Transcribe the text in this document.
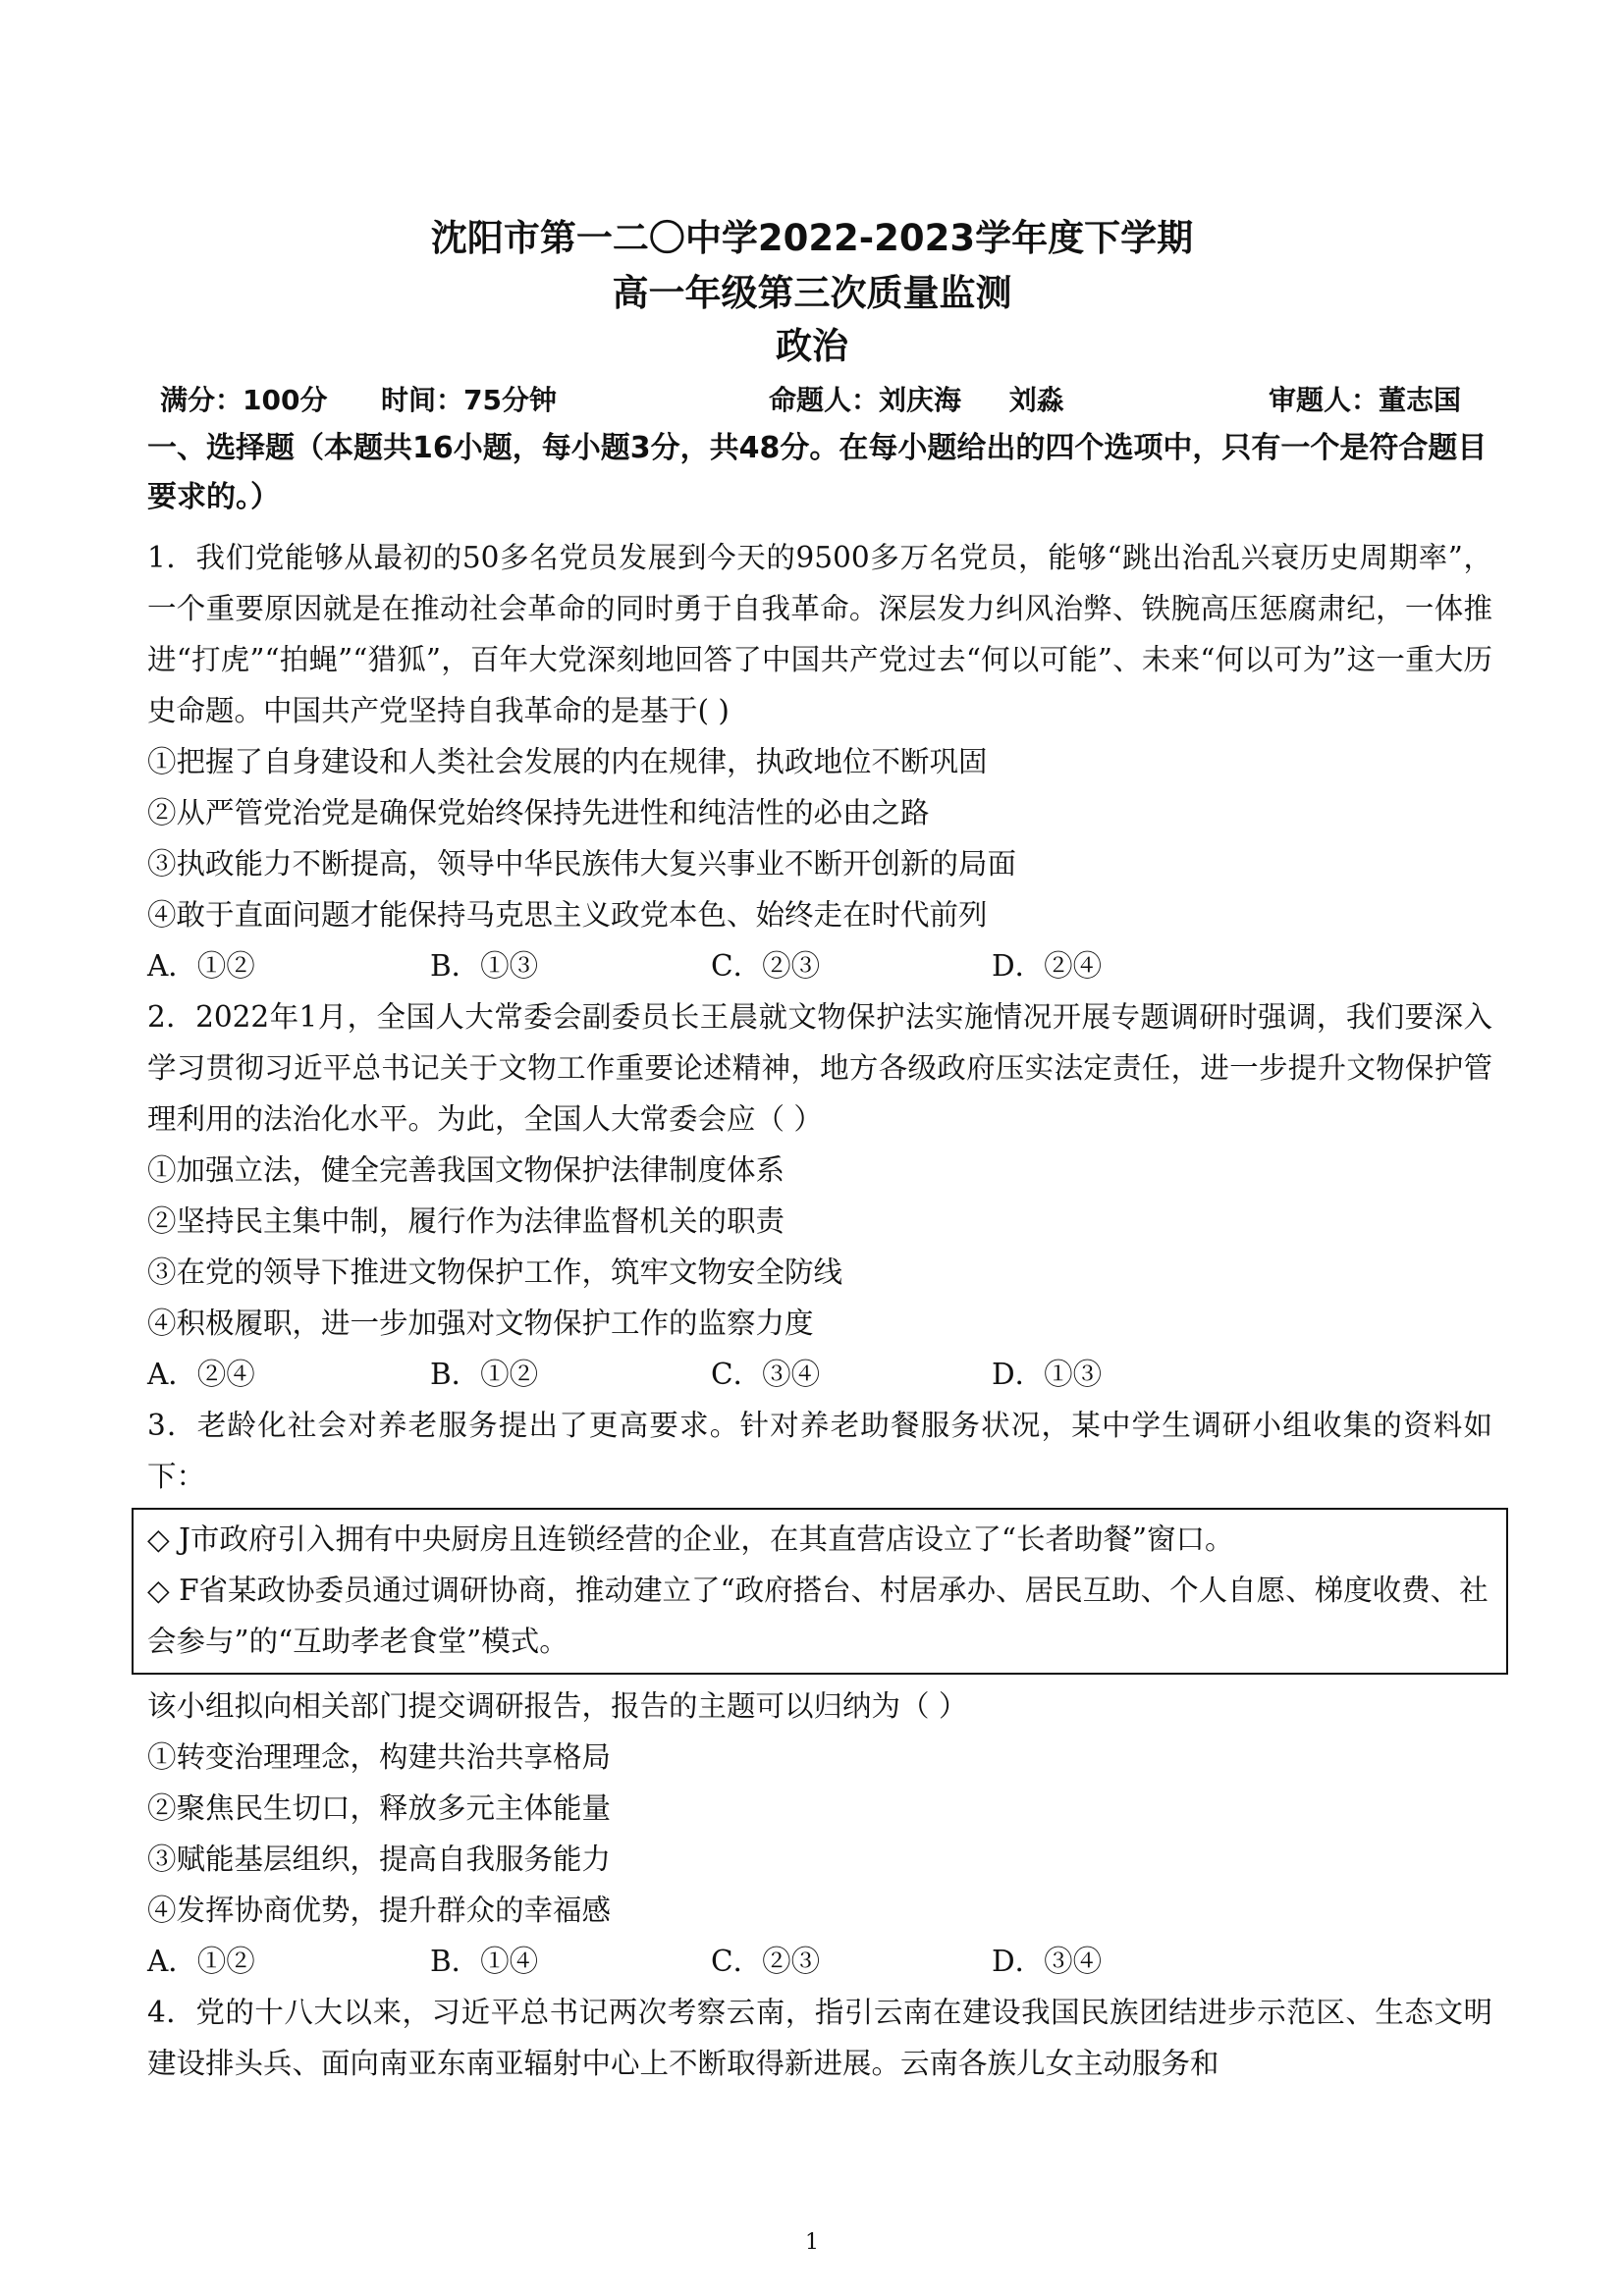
沈阳市第一二〇中学2022-2023学年度下学期
高一年级第三次质量监测
政治
满分：100分 时间：75分钟	命题人：刘庆海     刘淼	审题人：董志国
一、选择题（本题共16小题，每小题3分，共48分。在每小题给出的四个选项中，只有一个是符合题目要求的。）

1．我们党能够从最初的50多名党员发展到今天的9500多万名党员，能够“跳出治乱兴衰历史周期率”，一个重要原因就是在推动社会革命的同时勇于自我革命。深层发力纠风治弊、铁腕高压惩腐肃纪，一体推进“打虎”“拍蝇”“猎狐”，百年大党深刻地回答了中国共产党过去“何以可能”、未来“何以可为”这一重大历史命题。中国共产党坚持自我革命的是基于( )

①把握了自身建设和人类社会发展的内在规律，执政地位不断巩固

②从严管党治党是确保党始终保持先进性和纯洁性的必由之路

③执政能力不断提高，领导中华民族伟大复兴事业不断开创新的局面

④敢于直面问题才能保持马克思主义政党本色、始终走在时代前列

A．①②	B．①③	C．②③	D．②④

2．2022年1月，全国人大常委会副委员长王晨就文物保护法实施情况开展专题调研时强调，我们要深入学习贯彻习近平总书记关于文物工作重要论述精神，地方各级政府压实法定责任，进一步提升文物保护管理利用的法治化水平。为此，全国人大常委会应（ ）

①加强立法，健全完善我国文物保护法律制度体系

②坚持民主集中制，履行作为法律监督机关的职责

③在党的领导下推进文物保护工作，筑牢文物安全防线

④积极履职，进一步加强对文物保护工作的监察力度

A．②④	B．①②	C．③④	D．①③

3．老龄化社会对养老服务提出了更高要求。针对养老助餐服务状况，某中学生调研小组收集的资料如下：

◇ J市政府引入拥有中央厨房且连锁经营的企业，在其直营店设立了“长者助餐”窗口。

◇ F省某政协委员通过调研协商，推动建立了“政府搭台、村居承办、居民互助、个人自愿、梯度收费、社会参与”的“互助孝老食堂”模式。

该小组拟向相关部门提交调研报告，报告的主题可以归纳为（ ）

①转变治理理念，构建共治共享格局

②聚焦民生切口，释放多元主体能量

③赋能基层组织，提高自我服务能力

④发挥协商优势，提升群众的幸福感

A．①②	B．①④	C．②③	D．③④

4．党的十八大以来，习近平总书记两次考察云南，指引云南在建设我国民族团结进步示范区、生态文明建设排头兵、面向南亚东南亚辐射中心上不断取得新进展。云南各族儿女主动服务和

1
